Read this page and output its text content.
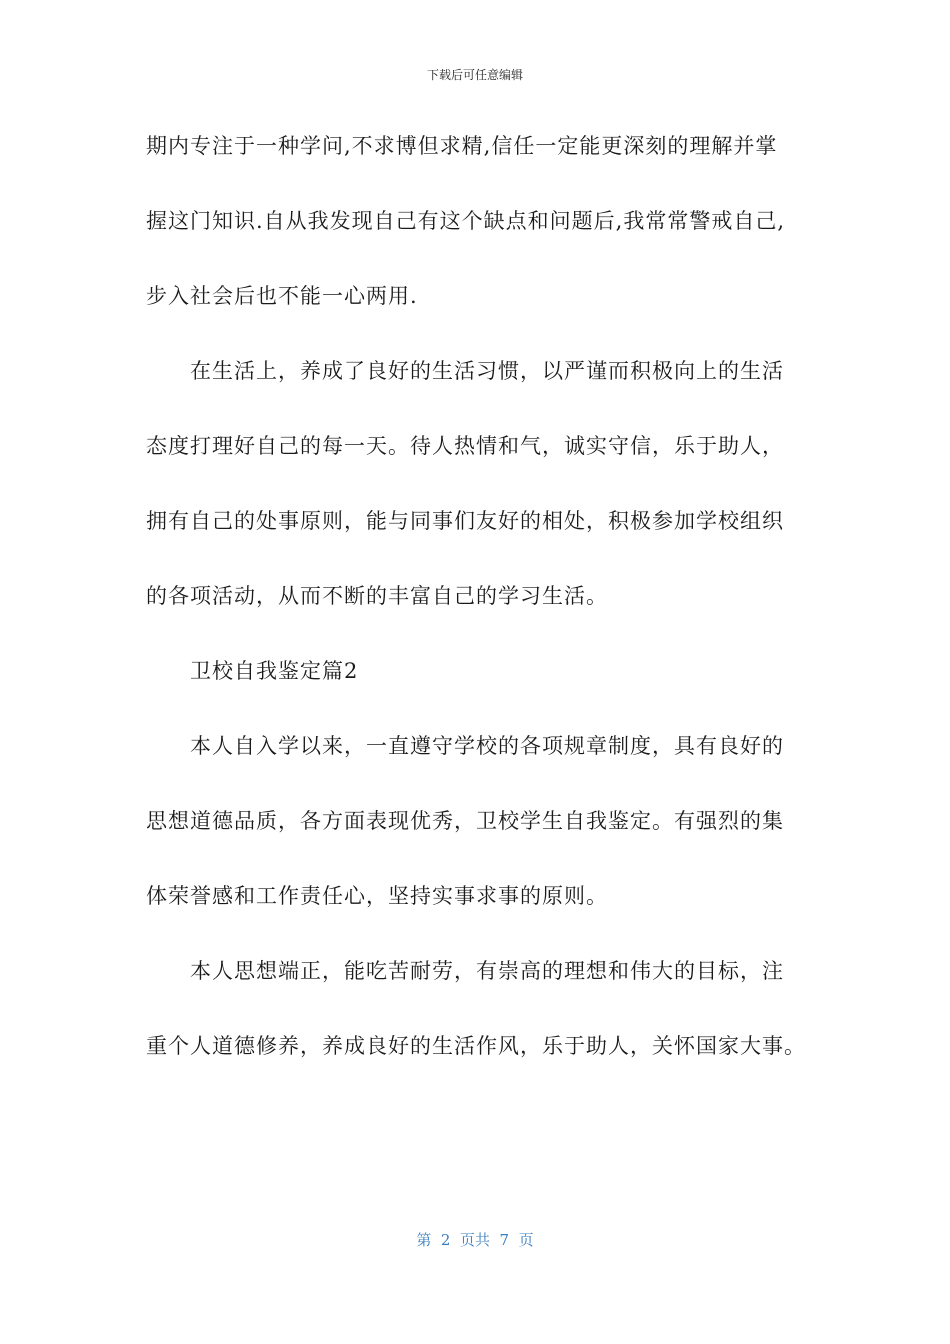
下载后可任意编辑
期内专注于一种学问,不求博但求精,信任一定能更深刻的理解并掌
握这门知识.自从我发现自己有这个缺点和问题后,我常常警戒自己,
步入社会后也不能一心两用.
　　在生活上，养成了良好的生活习惯，以严谨而积极向上的生活
态度打理好自己的每一天。待人热情和气，诚实守信，乐于助人，
拥有自己的处事原则，能与同事们友好的相处，积极参加学校组织
的各项活动，从而不断的丰富自己的学习生活。
　　卫校自我鉴定篇2
　　本人自入学以来，一直遵守学校的各项规章制度，具有良好的
思想道德品质，各方面表现优秀，卫校学生自我鉴定。有强烈的集
体荣誉感和工作责任心，坚持实事求事的原则。
　　本人思想端正，能吃苦耐劳，有崇高的理想和伟大的目标，注
重个人道德修养，养成良好的生活作风，乐于助人，关怀国家大事。
第  2  页共  7  页
